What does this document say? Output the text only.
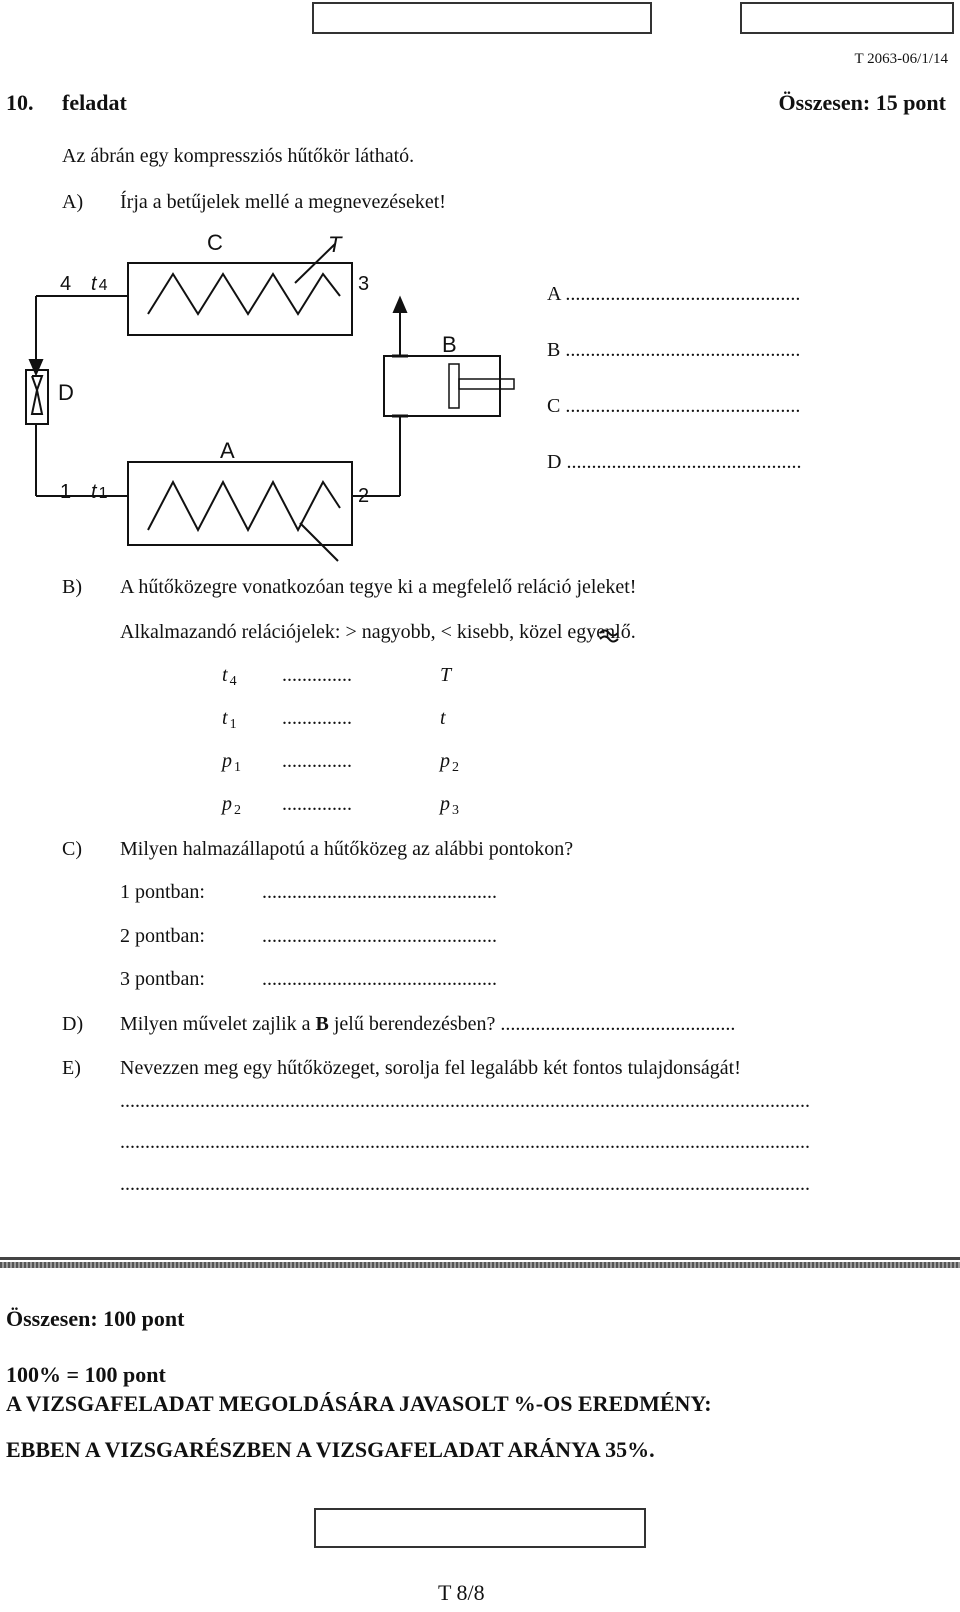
T 2063-06/1/14
10. feladat	Összesen: 15 pont
Az ábrán egy kompressziós hűtőkör látható.
A) Írja a betűjelek mellé a megnevezéseket!
C	T
4 t 4	3
B
D
A
1 t 1	2
A ...............................................
B ...............................................
C ...............................................
D ...............................................
B) A hűtőközegre vonatkozóan tegye ki a megfelelő reláció jeleket!
Alkalmazandó relációjelek: > nagyobb, < kisebb, közel egyenlő.
t $_4$ ..............	T
t $_1$ ..............	t
p $_1$ ..............	p $_2$
p $_2$ ..............	p $_3$
C) Milyen halmazállapotú a hűtőközeg az alábbi pontokon?
1 pontban:	...............................................
2 pontban:	...............................................
3 pontban:	...............................................
D) Milyen művelet zajlik a B jelű berendezésben? ...............................................
E) Nevezzen meg egy hűtőközeget, sorolja fel legalább két fontos tulajdonságát!
..........................................................................................................................................
..........................................................................................................................................
..........................................................................................................................................
Összesen: 100 pont
100% = 100 pont
A VIZSGAFELADAT MEGOLDÁSÁRA JAVASOLT %-OS EREDMÉNY:
EBBEN A VIZSGARÉSZBEN A VIZSGAFELADAT ARÁNYA 35%.
T 8/8
